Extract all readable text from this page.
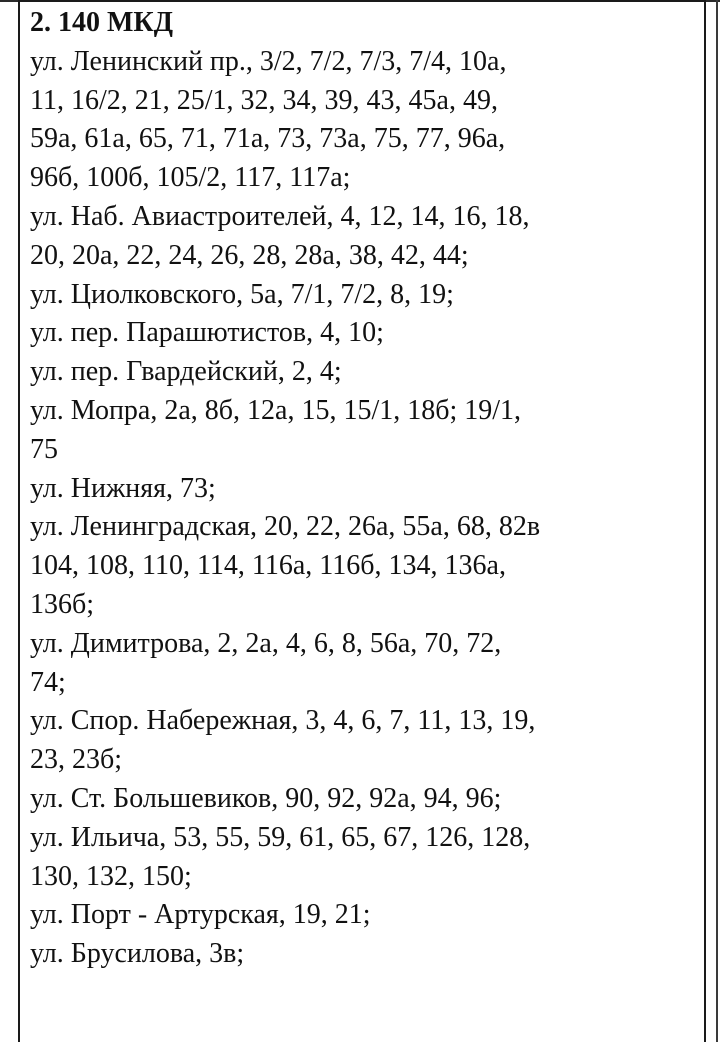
2. 140 МКД
ул. Ленинский пр., 3/2, 7/2, 7/3, 7/4, 10а,
11, 16/2, 21, 25/1, 32, 34, 39, 43, 45а, 49,
59а, 61а, 65, 71, 71а, 73, 73а, 75, 77, 96а,
96б, 100б, 105/2, 117, 117а;
ул. Наб. Авиастроителей, 4, 12, 14, 16, 18,
20, 20а, 22, 24, 26, 28, 28а, 38, 42, 44;
ул. Циолковского, 5а, 7/1, 7/2, 8, 19;
ул. пер. Парашютистов, 4, 10;
ул. пер. Гвардейский, 2, 4;
ул. Мопра, 2а, 8б, 12а, 15, 15/1, 18б; 19/1,
75
ул. Нижняя, 73;
ул. Ленинградская, 20, 22, 26а, 55а, 68, 82в
104, 108, 110, 114, 116а, 116б, 134, 136а,
136б;
ул. Димитрова, 2, 2а, 4, 6, 8, 56а, 70, 72,
74;
ул. Спор. Набережная, 3, 4, 6, 7, 11, 13, 19,
23, 23б;
ул. Ст. Большевиков, 90, 92, 92а, 94, 96;
ул. Ильича, 53, 55, 59, 61, 65, 67, 126, 128,
130, 132, 150;
ул. Порт - Артурская, 19, 21;
ул. Брусилова, 3в;
